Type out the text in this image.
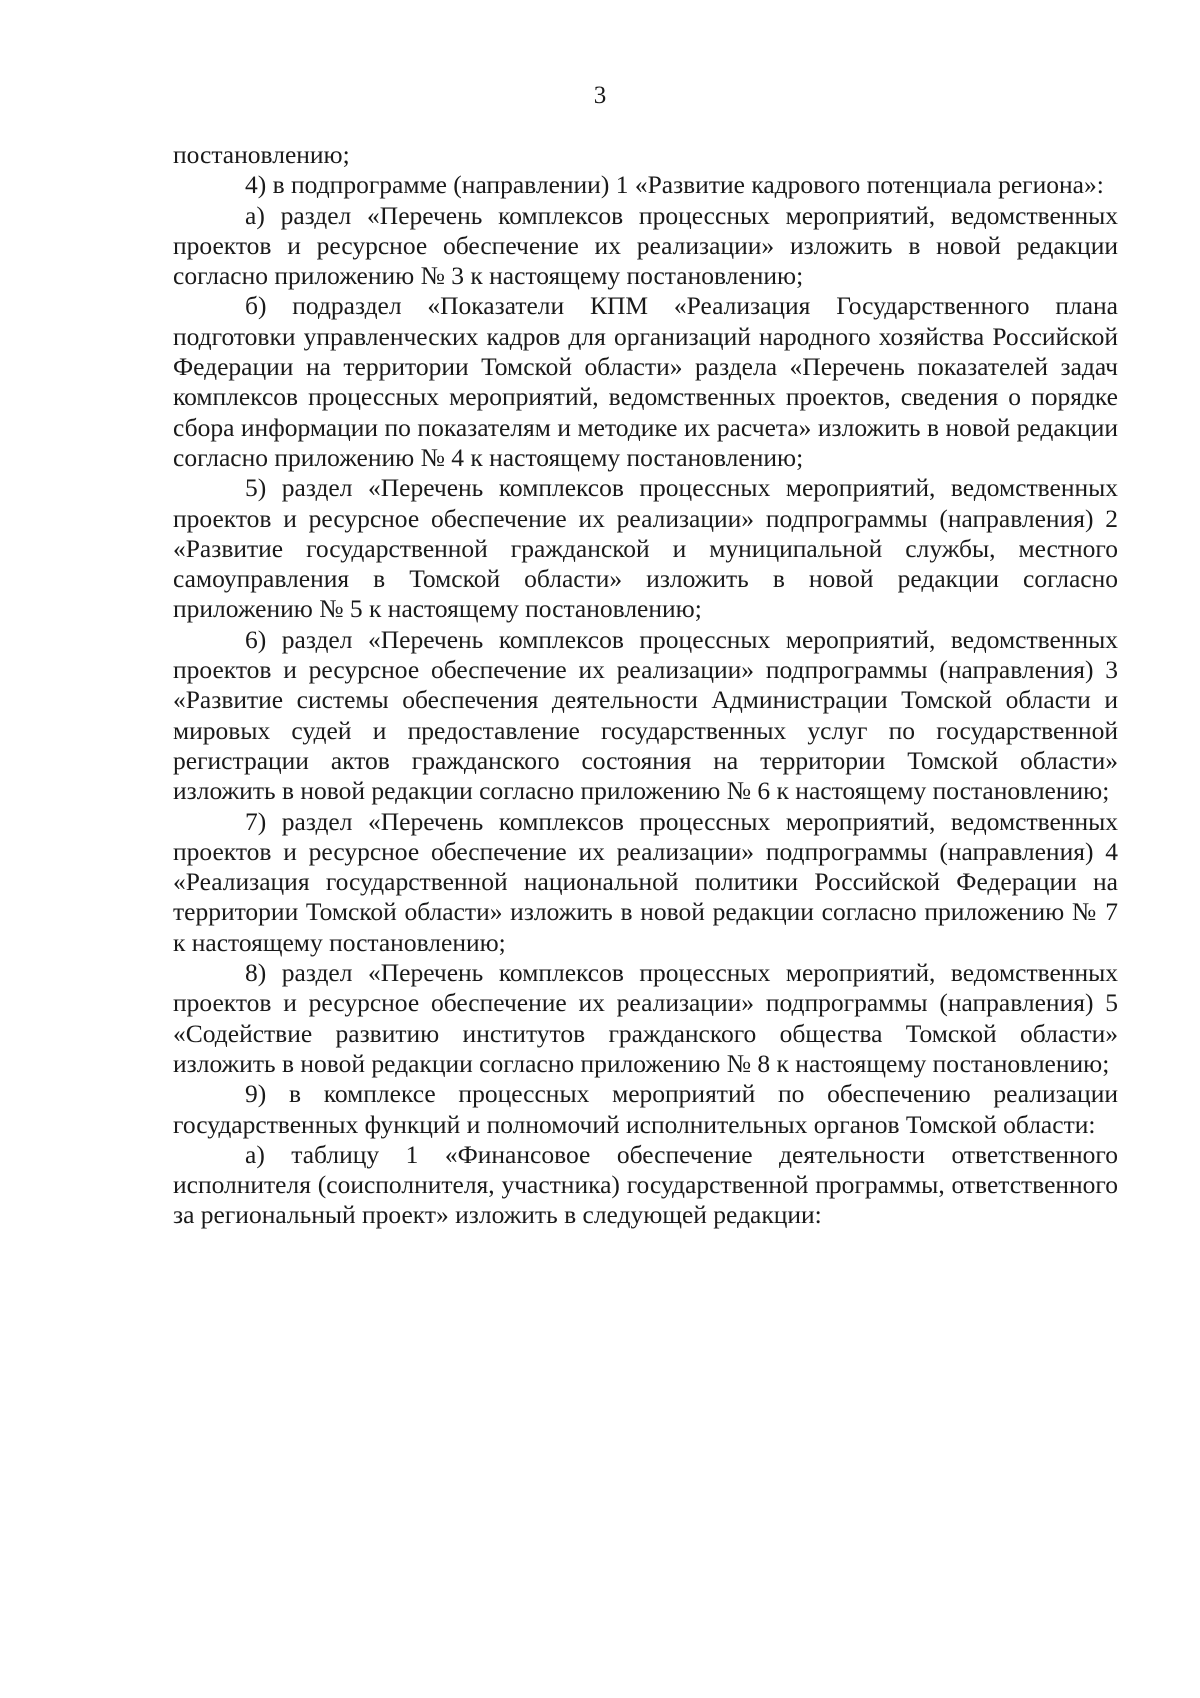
3

постановлению;

4) в подпрограмме (направлении) 1 «Развитие кадрового потенциала региона»:

а) раздел «Перечень комплексов процессных мероприятий, ведомственных проектов и ресурсное обеспечение их реализации» изложить в новой редакции согласно приложению № 3 к настоящему постановлению;

б) подраздел «Показатели КПМ «Реализация Государственного плана подготовки управленческих кадров для организаций народного хозяйства Российской Федерации на территории Томской области» раздела «Перечень показателей задач комплексов процессных мероприятий, ведомственных проектов, сведения о порядке сбора информации по показателям и методике их расчета» изложить в новой редакции согласно приложению № 4 к настоящему постановлению;

5) раздел «Перечень комплексов процессных мероприятий, ведомственных проектов и ресурсное обеспечение их реализации» подпрограммы (направления) 2 «Развитие государственной гражданской и муниципальной службы, местного самоуправления в Томской области» изложить в новой редакции согласно приложению № 5 к настоящему постановлению;

6) раздел «Перечень комплексов процессных мероприятий, ведомственных проектов и ресурсное обеспечение их реализации» подпрограммы (направления) 3 «Развитие системы обеспечения деятельности Администрации Томской области и мировых судей и предоставление государственных услуг по государственной регистрации актов гражданского состояния на территории Томской области» изложить в новой редакции согласно приложению № 6 к настоящему постановлению;

7) раздел «Перечень комплексов процессных мероприятий, ведомственных проектов и ресурсное обеспечение их реализации» подпрограммы (направления) 4 «Реализация государственной национальной политики Российской Федерации на территории Томской области» изложить в новой редакции согласно приложению № 7 к настоящему постановлению;

8) раздел «Перечень комплексов процессных мероприятий, ведомственных проектов и ресурсное обеспечение их реализации» подпрограммы (направления) 5 «Содействие развитию институтов гражданского общества Томской области» изложить в новой редакции согласно приложению № 8 к настоящему постановлению;

9) в комплексе процессных мероприятий по обеспечению реализации государственных функций и полномочий исполнительных органов Томской области:

а) таблицу 1 «Финансовое обеспечение деятельности ответственного исполнителя (соисполнителя, участника) государственной программы, ответственного за региональный проект» изложить в следующей редакции:
